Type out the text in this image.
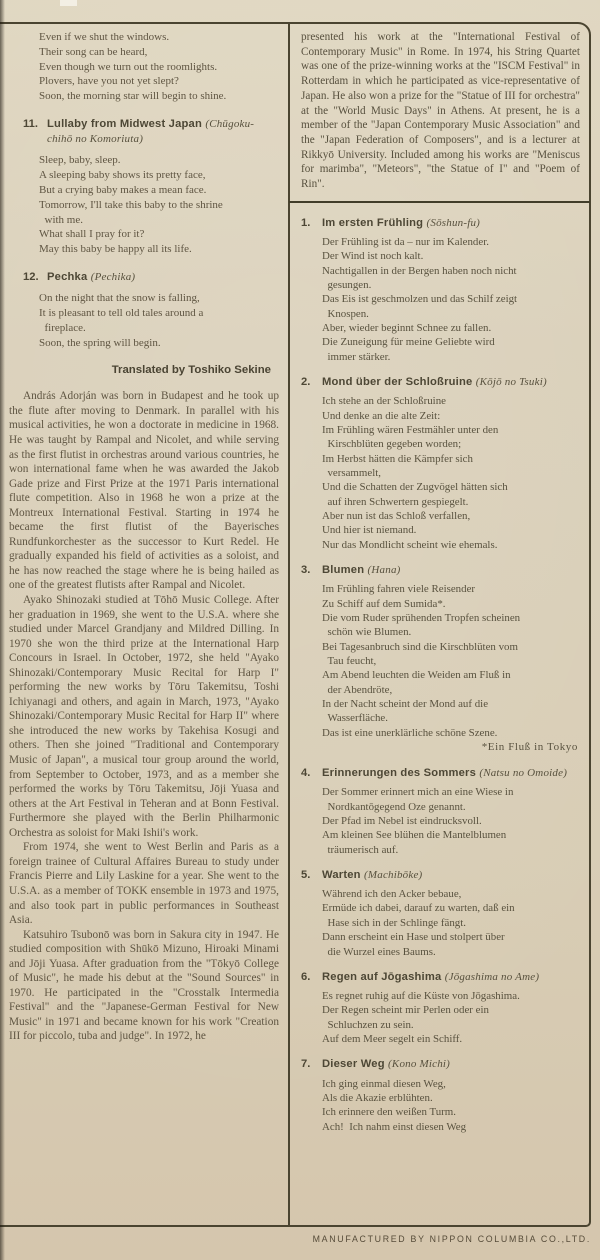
Even if we shut the windows.
Their song can be heard,
Even though we turn out the roomlights.
Plovers, have you not yet slept?
Soon, the morning star will begin to shine.
11. Lullaby from Midwest Japan (Chūgoku-chihō no Komoriuta)
Sleep, baby, sleep.
A sleeping baby shows its pretty face,
But a crying baby makes a mean face.
Tomorrow, I'll take this baby to the shrine
with me.
What shall I pray for it?
May this baby be happy all its life.
12. Pechka (Pechika)
On the night that the snow is falling,
It is pleasant to tell old tales around a
fireplace.
Soon, the spring will begin.
Translated by Toshiko Sekine

András Adorján was born in Budapest and he took up the flute after moving to Denmark. In parallel with his musical activities, he won a doctorate in medicine in 1968. He was taught by Rampal and Nicolet, and while serving as the first flutist in orchestras around various countries, he won international fame when he was awarded the Jakob Gade prize and First Prize at the 1971 Paris international flute competition. Also in 1968 he won a prize at the Montreux International Festival. Starting in 1974 he became the first flutist of the Bayerisches Rundfunkorchester as the successor to Kurt Redel. He gradually expanded his field of activities as a soloist, and he has now reached the stage where he is being hailed as one of the greatest flutists after Rampal and Nicolet.

Ayako Shinozaki studied at Tōhō Music College. After her graduation in 1969, she went to the U.S.A. where she studied under Marcel Grandjany and Mildred Dilling. In 1970 she won the third prize at the International Harp Concours in Israel. In October, 1972, she held "Ayako Shinozaki/Contemporary Music Recital for Harp I" performing the new works by Tōru Takemitsu, Toshi Ichiyanagi and others, and again in March, 1973, "Ayako Shinozaki/Contemporary Music Recital for Harp II" where she introduced the new works by Takehisa Kosugi and others. Then she joined "Traditional and Contemporary Music of Japan", a musical tour group around the world, from September to October, 1973, and as a member she performed the works by Tōru Takemitsu, Jōji Yuasa and others at the Art Festival in Teheran and at Bonn Festival. Furthermore she played with the Berlin Philharmonic Orchestra as soloist for Maki Ishii's work.

From 1974, she went to West Berlin and Paris as a foreign trainee of Cultural Affaires Bureau to study under Francis Pierre and Lily Laskine for a year. She went to the U.S.A. as a member of TOKK ensemble in 1973 and 1975, and also took part in public performances in Southeast Asia.

Katsuhiro Tsubonō was born in Sakura city in 1947. He studied composition with Shūkō Mizuno, Hiroaki Minami and Jōji Yuasa. After graduation from the "Tōkyō College of Music", he made his debut at the "Sound Sources" in 1970. He participated in the "Crosstalk Intermedia Festival" and the "Japanese-German Festival for New Music" in 1971 and became known for his work "Creation III for piccolo, tuba and judge". In 1972, he

presented his work at the "International Festival of Contemporary Music" in Rome. In 1974, his String Quartet was one of the prize-winning works at the "ISCM Festival" in Rotterdam in which he participated as vice-representative of Japan. He also won a prize for the "Statue of III for orchestra" at the "World Music Days" in Athens. At present, he is a member of the "Japan Contemporary Music Association" and the "Japan Federation of Composers", and is a lecturer at Rikkyō University. Included among his works are "Meniscus for marimba", "Meteors", "the Statue of I" and "Poem of Rin".

1.	Im ersten Frühling (Sōshun-fu)
Der Frühling ist da – nur im Kalender.
Der Wind ist noch kalt.
Nachtigallen in der Bergen haben noch nicht
gesungen.
Das Eis ist geschmolzen und das Schilf zeigt
Knospen.
Aber, wieder beginnt Schnee zu fallen.
Die Zuneigung für meine Geliebte wird
immer stärker.
2.	Mond über der Schloßruine (Kōjō no Tsuki)
Ich stehe an der Schloßruine
Und denke an die alte Zeit:
Im Frühling wären Festmähler unter den
Kirschblüten gegeben worden;
Im Herbst hätten die Kämpfer sich
versammelt,
Und die Schatten der Zugvögel hätten sich
auf ihren Schwertern gespiegelt.
Aber nun ist das Schloß verfallen,
Und hier ist niemand.
Nur das Mondlicht scheint wie ehemals.
3.	Blumen (Hana)
Im Frühling fahren viele Reisender
Zu Schiff auf dem Sumida*.
Die vom Ruder sprühenden Tropfen scheinen
schön wie Blumen.
Bei Tagesanbruch sind die Kirschblüten vom
Tau feucht,
Am Abend leuchten die Weiden am Fluß in
der Abendröte,
In der Nacht scheint der Mond auf die
Wasserfläche.
Das ist eine unerklärliche schöne Szene.
*Ein Fluß in Tokyo
4.	Erinnerungen des Sommers (Natsu no Omoide)
Der Sommer erinnert mich an eine Wiese in
Nordkantōgegend Oze genannt.
Der Pfad im Nebel ist eindrucksvoll.
Am kleinen See blühen die Mantelblumen
träumerisch auf.
5.	Warten (Machibōke)
Während ich den Acker bebaue,
Ermüde ich dabei, darauf zu warten, daß ein
Hase sich in der Schlinge fängt.
Dann erscheint ein Hase und stolpert über
die Wurzel eines Baums.
6.	Regen auf Jōgashima (Jōgashima no Ame)
Es regnet ruhig auf die Küste von Jōgashima.
Der Regen scheint mir Perlen oder ein
Schluchzen zu sein.
Auf dem Meer segelt ein Schiff.
7.	Dieser Weg (Kono Michi)
Ich ging einmal diesen Weg,
Als die Akazie erblühten.
Ich erinnere den weißen Turm.
Ach!  Ich nahm einst diesen Weg
MANUFACTURED BY NIPPON COLUMBIA CO.,LTD.
